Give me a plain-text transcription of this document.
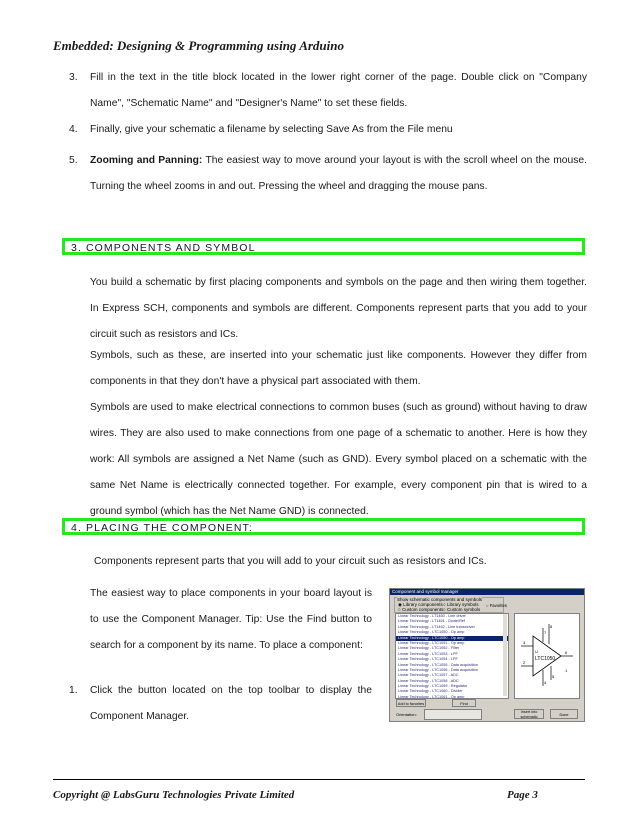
Embedded: Designing & Programming using Arduino
3. Fill in the text in the title block located in the lower right corner of the page. Double click on "Company Name", "Schematic Name" and "Designer's Name" to set these fields.
4. Finally, give your schematic a filename by selecting Save As from the File menu
5. Zooming and Panning: The easiest way to move around your layout is with the scroll wheel on the mouse. Turning the wheel zooms in and out. Pressing the wheel and dragging the mouse pans.
3. COMPONENTS AND SYMBOL
You build a schematic by first placing components and symbols on the page and then wiring them together. In Express SCH, components and symbols are different. Components represent parts that you add to your circuit such as resistors and ICs.
Symbols, such as these, are inserted into your schematic just like components. However they differ from components in that they don't have a physical part associated with them.
Symbols are used to make electrical connections to common buses (such as ground) without having to draw wires. They are also used to make connections from one page of a schematic to another. Here is how they work: All symbols are assigned a Net Name (such as GND). Every symbol placed on a schematic with the same Net Name is electrically connected together. For example, every component pin that is wired to a ground symbol (which has the Net Name GND) is connected.
4. PLACING THE COMPONENT:
Components represent parts that you will add to your circuit such as resistors and ICs.
The easiest way to place components in your board layout is to use the Component Manager. Tip: Use the Find button to search for a component by its name. To place a component:
1. Click the button located on the top toolbar to display the Component Manager.
Component and symbol manager
Show schematic components and symbols
◉ Library components ○ Library symbols
○ Custom components ○ Custom symbols
○ Favorites
Linear Technology - LT1460 - Line driver
Linear Technology - LT1461 - Diode/Ref
Linear Technology - LT1462 - Line transceiver
Linear Technology - LTC1050 - Op amp
Linear Technology - LTC1050 - Op amp
Linear Technology - LTC1051 - Op amp
Linear Technology - LTC1052 - Filter
Linear Technology - LTC1053 - LPF
Linear Technology - LTC1054 - LPF
Linear Technology - LTC1055 - Data acquisition
Linear Technology - LTC1056 - Data acquisition
Linear Technology - LTC1057 - ADC
Linear Technology - LTC1058 - ADC
Linear Technology - LTC1059 - Regulator
Linear Technology - LTC1060 - Divider
Linear Technology - LTC1061 - Op amp
U
LTC1050
3
2
7
4
6
5
8
1
Add to favorites	Find
Orientation:	Insert into schematic	Done
Copyright @ LabsGuru Technologies Private Limited	Page 3
